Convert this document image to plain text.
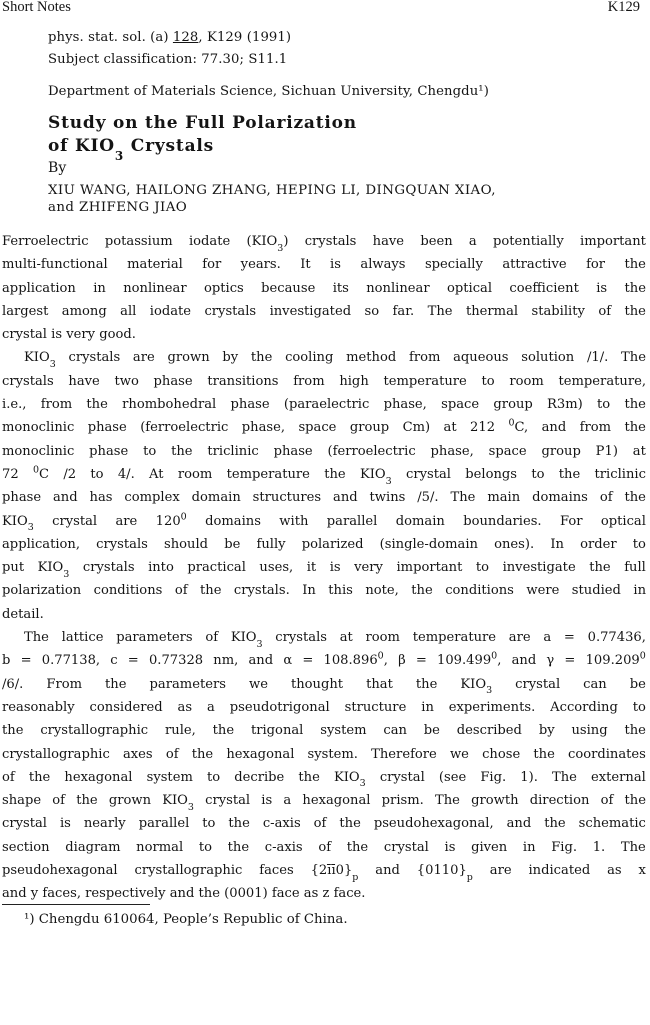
Short Notes	K129
phys. stat. sol. (a) 128, K129 (1991)
Subject classification: 77.30; S11.1
Department of Materials Science, Sichuan University, Chengdu¹)
Study on the Full Polarization
of $KIO_3$ Crystals
By
XIU WANG, HAILONG ZHANG, HEPING LI, DINGQUAN XIAO,
and ZHIFENG JIAO
Ferroelectric potassium iodate $(KIO_3)$ crystals have been a potentially important
multi-functional material for years. It is always specially attractive for the
application in nonlinear optics because its nonlinear optical coefficient is the
largest among all iodate crystals investigated so far. The thermal stability of the
crystal
is
very
good.
$KIO_3$ crystals are grown by the cooling method from aqueous solution /1/. The
crystals have two phase transitions from high temperature to room temperature,
i.e., from the rhombohedral phase (paraelectric phase, space group R3m) to the
monoclinic phase (ferroelectric phase, space group Cm) at 212 $^0$C, and from the
monoclinic phase to the triclinic phase (ferroelectric phase, space group P1) at
72 $^0$C /2 to 4/. At room temperature the $KIO_3$ crystal belongs to the triclinic
phase and has complex domain structures and twins /5/. The main domains of the
$KIO_3$ crystal are $120^0$ domains with parallel domain boundaries. For optical
application, crystals should be fully polarized (single-domain ones). In order to
put $KIO_3$ crystals into practical uses, it is very important to investigate the full
polarization conditions of the crystals. In this note, the conditions were studied in
detail.
The lattice parameters of $KIO_3$ crystals at room temperature are a = 0.77436,
b = 0.77138, c = 0.77328 nm, and $\alpha = 108.896^0$, $\beta = 109.499^0$, and $\gamma = 109.209^0$
/6/. From the parameters we thought that the $KIO_3$ crystal can be
reasonably considered as a pseudotrigonal structure in experiments. According to
the crystallographic rule, the trigonal system can be described by using the
crystallographic axes of the hexagonal system. Therefore we chose the coordinates
of the hexagonal system to decribe the $KIO_3$ crystal (see Fig. 1). The external
shape of the grown $KIO_3$ crystal is a hexagonal prism. The growth direction of the
crystal is nearly parallel to the c-axis of the pseudohexagonal, and the schematic
section diagram normal to the c-axis of the crystal is given in Fig. 1. The
pseudohexagonal crystallographic faces $\{2īī0\}_p$ and $\{0110\}_p$ are indicated as x
and
y
faces,
respectively
and
the
(0001)
face
as
z
face.
¹) Chengdu 610064, People’s Republic of China.
